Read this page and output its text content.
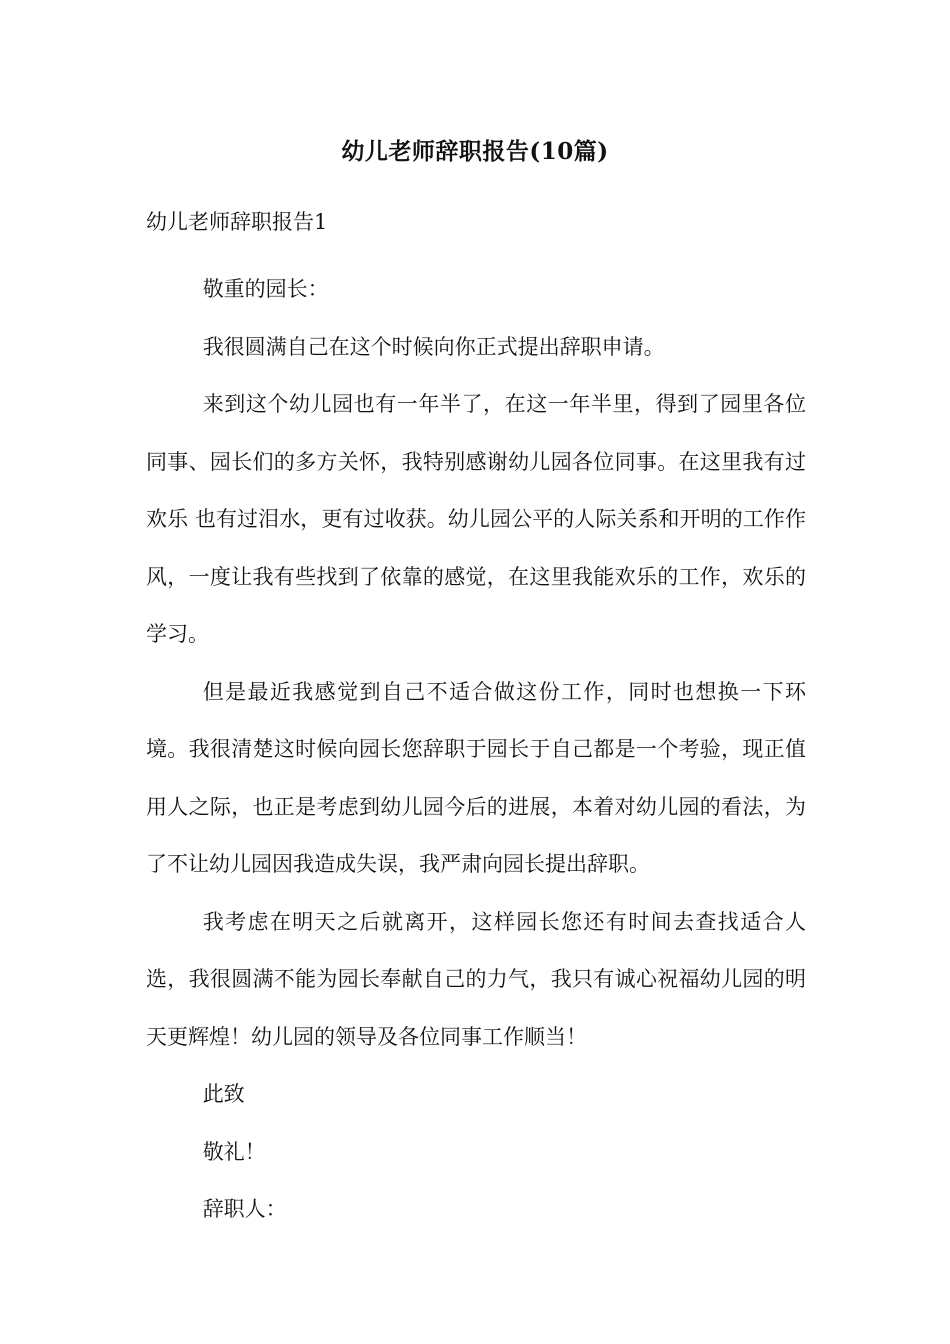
幼儿老师辞职报告(10篇)
幼儿老师辞职报告1

敬重的园长：

我很圆满自己在这个时候向你正式提出辞职申请。

来到这个幼儿园也有一年半了，在这一年半里，得到了园里各位同事、园长们的多方关怀，我特别感谢幼儿园各位同事。在这里我有过欢乐 也有过泪水，更有过收获。幼儿园公平的人际关系和开明的工作作风，一度让我有些找到了依靠的感觉，在这里我能欢乐的工作，欢乐的学习。

但是最近我感觉到自己不适合做这份工作，同时也想换一下环境。我很清楚这时候向园长您辞职于园长于自己都是一个考验，现正值用人之际，也正是考虑到幼儿园今后的进展，本着对幼儿园的看法，为了不让幼儿园因我造成失误，我严肃向园长提出辞职。

我考虑在明天之后就离开，这样园长您还有时间去查找适合人选，我很圆满不能为园长奉献自己的力气，我只有诚心祝福幼儿园的明天更辉煌！幼儿园的领导及各位同事工作顺当！

此致

敬礼！

辞职人：
